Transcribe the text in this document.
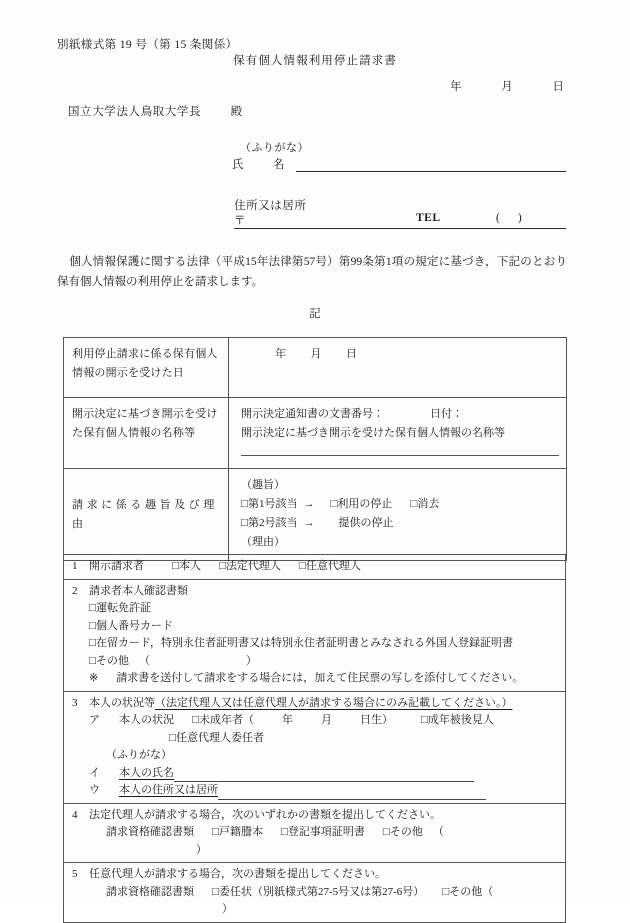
別紙様式第 19 号（第 15 条関係）
保有個人情報利用停止請求書
年	月	日
国立大学法人鳥取大学長	殿
（ふりがな）
氏　名
住所又は居所
〒	TEL	()
個人情報保護に関する法律（平成15年法律第57号）第99条第1項の規定に基づき，下記のとおり保有個人情報の利用停止を請求します。
記
利用停止請求に係る保有個人情報の開示を受けた日	年 月 日
開示決定に基づき開示を受けた保有個人情報の名称等	開示決定通知書の文書番号： 日付：
開示決定に基づき開示を受けた保有個人情報の名称等

請求に係る趣旨及び理由	（趣旨）
□第1号該当 → □利用の停止 □消去
□第2号該当 → 提供の停止
（理由）
1 開示請求者 □本人 □法定代理人 □任意代理人

2 請求者本人確認書類
□運転免許証
□個人番号カード
□在留カード，特別永住者証明書又は特別永住者証明書とみなされる外国人登録証明書
□その他 （	）
※ 請求書を送付して請求をする場合には，加えて住民票の写しを添付してください。

3 本人の状況等（法定代理人又は任意代理人が請求する場合にのみ記載してください。）
ア 本人の状況 □未成年者（	年	月	日生） □成年被後見人
□任意代理人委任者
（ふりがな）
イ 本人の氏名
ウ 本人の住所又は居所

4 法定代理人が請求する場合，次のいずれかの書類を提出してください。
請求資格確認書類 □戸籍謄本 □登記事項証明書 □その他 （）

5 任意代理人が請求する場合，次の書類を提出してください。
請求資格確認書類 □委任状（別紙様式第27-5号又は第27-6号） □その他（）
